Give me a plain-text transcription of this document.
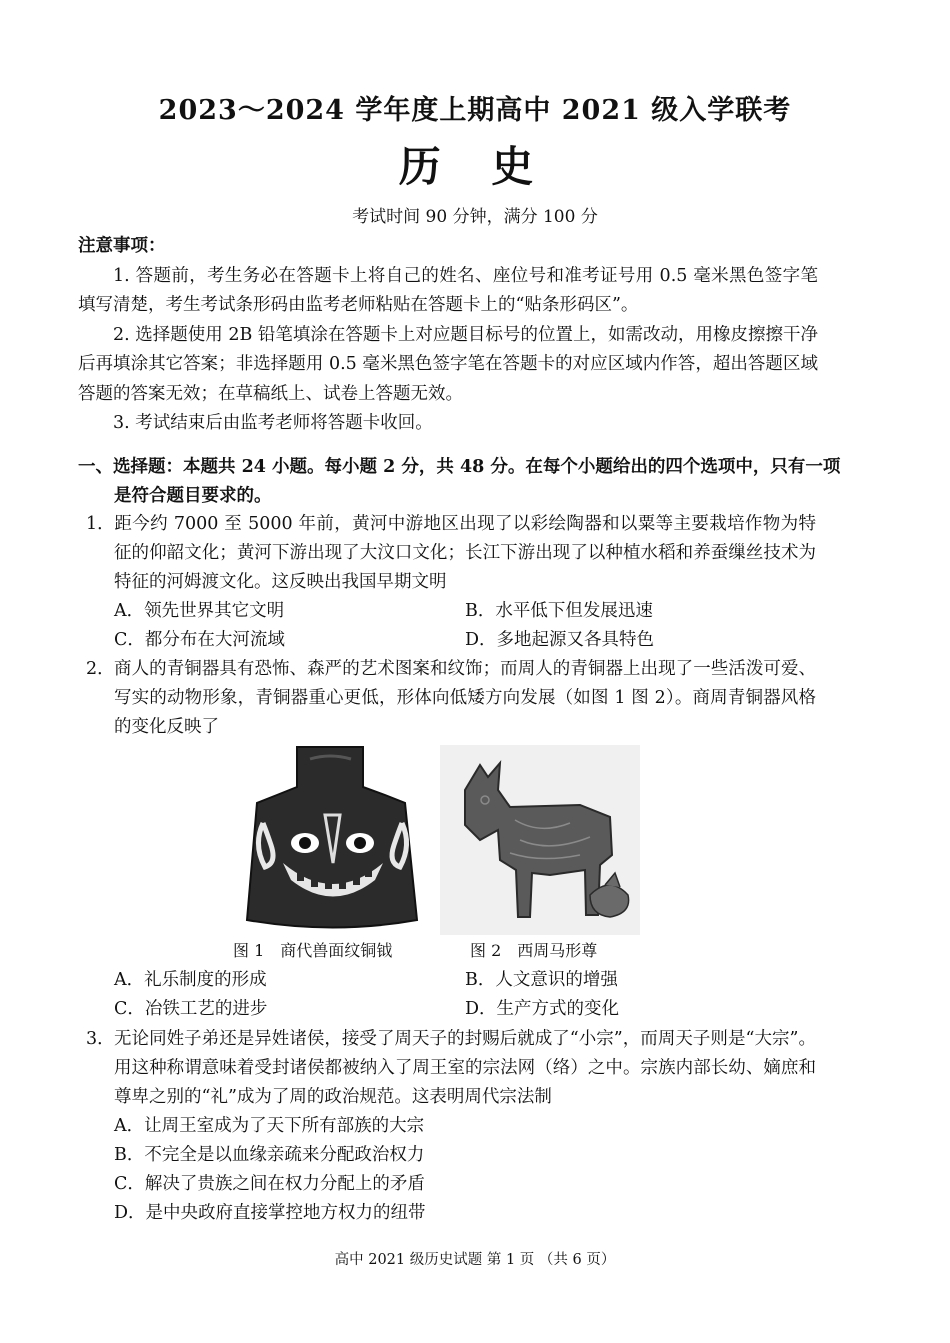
2023～2024 学年度上期高中 2021 级入学联考
历 史
考试时间 90 分钟，满分 100 分
注意事项：

1. 答题前，考生务必在答题卡上将自己的姓名、座位号和准考证号用 0.5 毫米黑色签字笔填写清楚，考生考试条形码由监考老师粘贴在答题卡上的“贴条形码区”。

2. 选择题使用 2B 铅笔填涂在答题卡上对应题目标号的位置上，如需改动，用橡皮擦擦干净后再填涂其它答案；非选择题用 0.5 毫米黑色签字笔在答题卡的对应区域内作答，超出答题区域答题的答案无效；在草稿纸上、试卷上答题无效。

3. 考试结束后由监考老师将答题卡收回。

一、选择题：本题共 24 小题。每小题 2 分，共 48 分。在每个小题给出的四个选项中，只有一项是符合题目要求的。
1．距今约 7000 至 5000 年前，黄河中游地区出现了以彩绘陶器和以粟等主要栽培作物为特征的仰韶文化；黄河下游出现了大汶口文化；长江下游出现了以种植水稻和养蚕缫丝技术为特征的河姆渡文化。这反映出我国早期文明
A．领先世界其它文明	B．水平低下但发展迅速
C．都分布在大河流域	D．多地起源又各具特色
2．商人的青铜器具有恐怖、森严的艺术图案和纹饰；而周人的青铜器上出现了一些活泼可爱、写实的动物形象，青铜器重心更低，形体向低矮方向发展（如图 1 图 2）。商周青铜器风格的变化反映了
图 1　商代兽面纹铜钺	图 2　西周马形尊
A．礼乐制度的形成	B．人文意识的增强
C．冶铁工艺的进步	D．生产方式的变化
3．无论同姓子弟还是异姓诸侯，接受了周天子的封赐后就成了“小宗”，而周天子则是“大宗”。用这种称谓意味着受封诸侯都被纳入了周王室的宗法网（络）之中。宗族内部长幼、嫡庶和尊卑之别的“礼”成为了周的政治规范。这表明周代宗法制
A．让周王室成为了天下所有部族的大宗
B．不完全是以血缘亲疏来分配政治权力
C．解决了贵族之间在权力分配上的矛盾
D．是中央政府直接掌控地方权力的纽带
高中 2021 级历史试题 第 1 页 （共 6 页）
